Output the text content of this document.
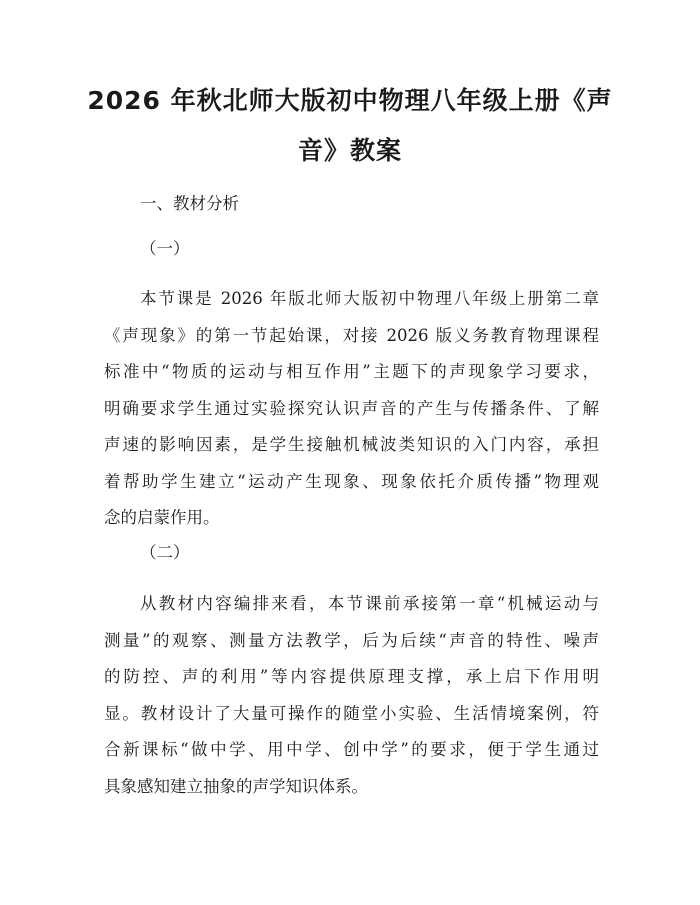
2026 年秋北师大版初中物理八年级上册《声
音》教案

一、教材分析

（一）

本节课是 2026 年版北师大版初中物理八年级上册第二章
《声现象》的第一节起始课，对接 2026 版义务教育物理课程
标准中“物质的运动与相互作用”主题下的声现象学习要求，
明确要求学生通过实验探究认识声音的产生与传播条件、了解
声速的影响因素，是学生接触机械波类知识的入门内容，承担
着帮助学生建立“运动产生现象、现象依托介质传播”物理观
念的启蒙作用。

（二）

从教材内容编排来看，本节课前承接第一章“机械运动与
测量”的观察、测量方法教学，后为后续“声音的特性、噪声
的防控、声的利用”等内容提供原理支撑，承上启下作用明
显。教材设计了大量可操作的随堂小实验、生活情境案例，符
合新课标“做中学、用中学、创中学”的要求，便于学生通过
具象感知建立抽象的声学知识体系。
